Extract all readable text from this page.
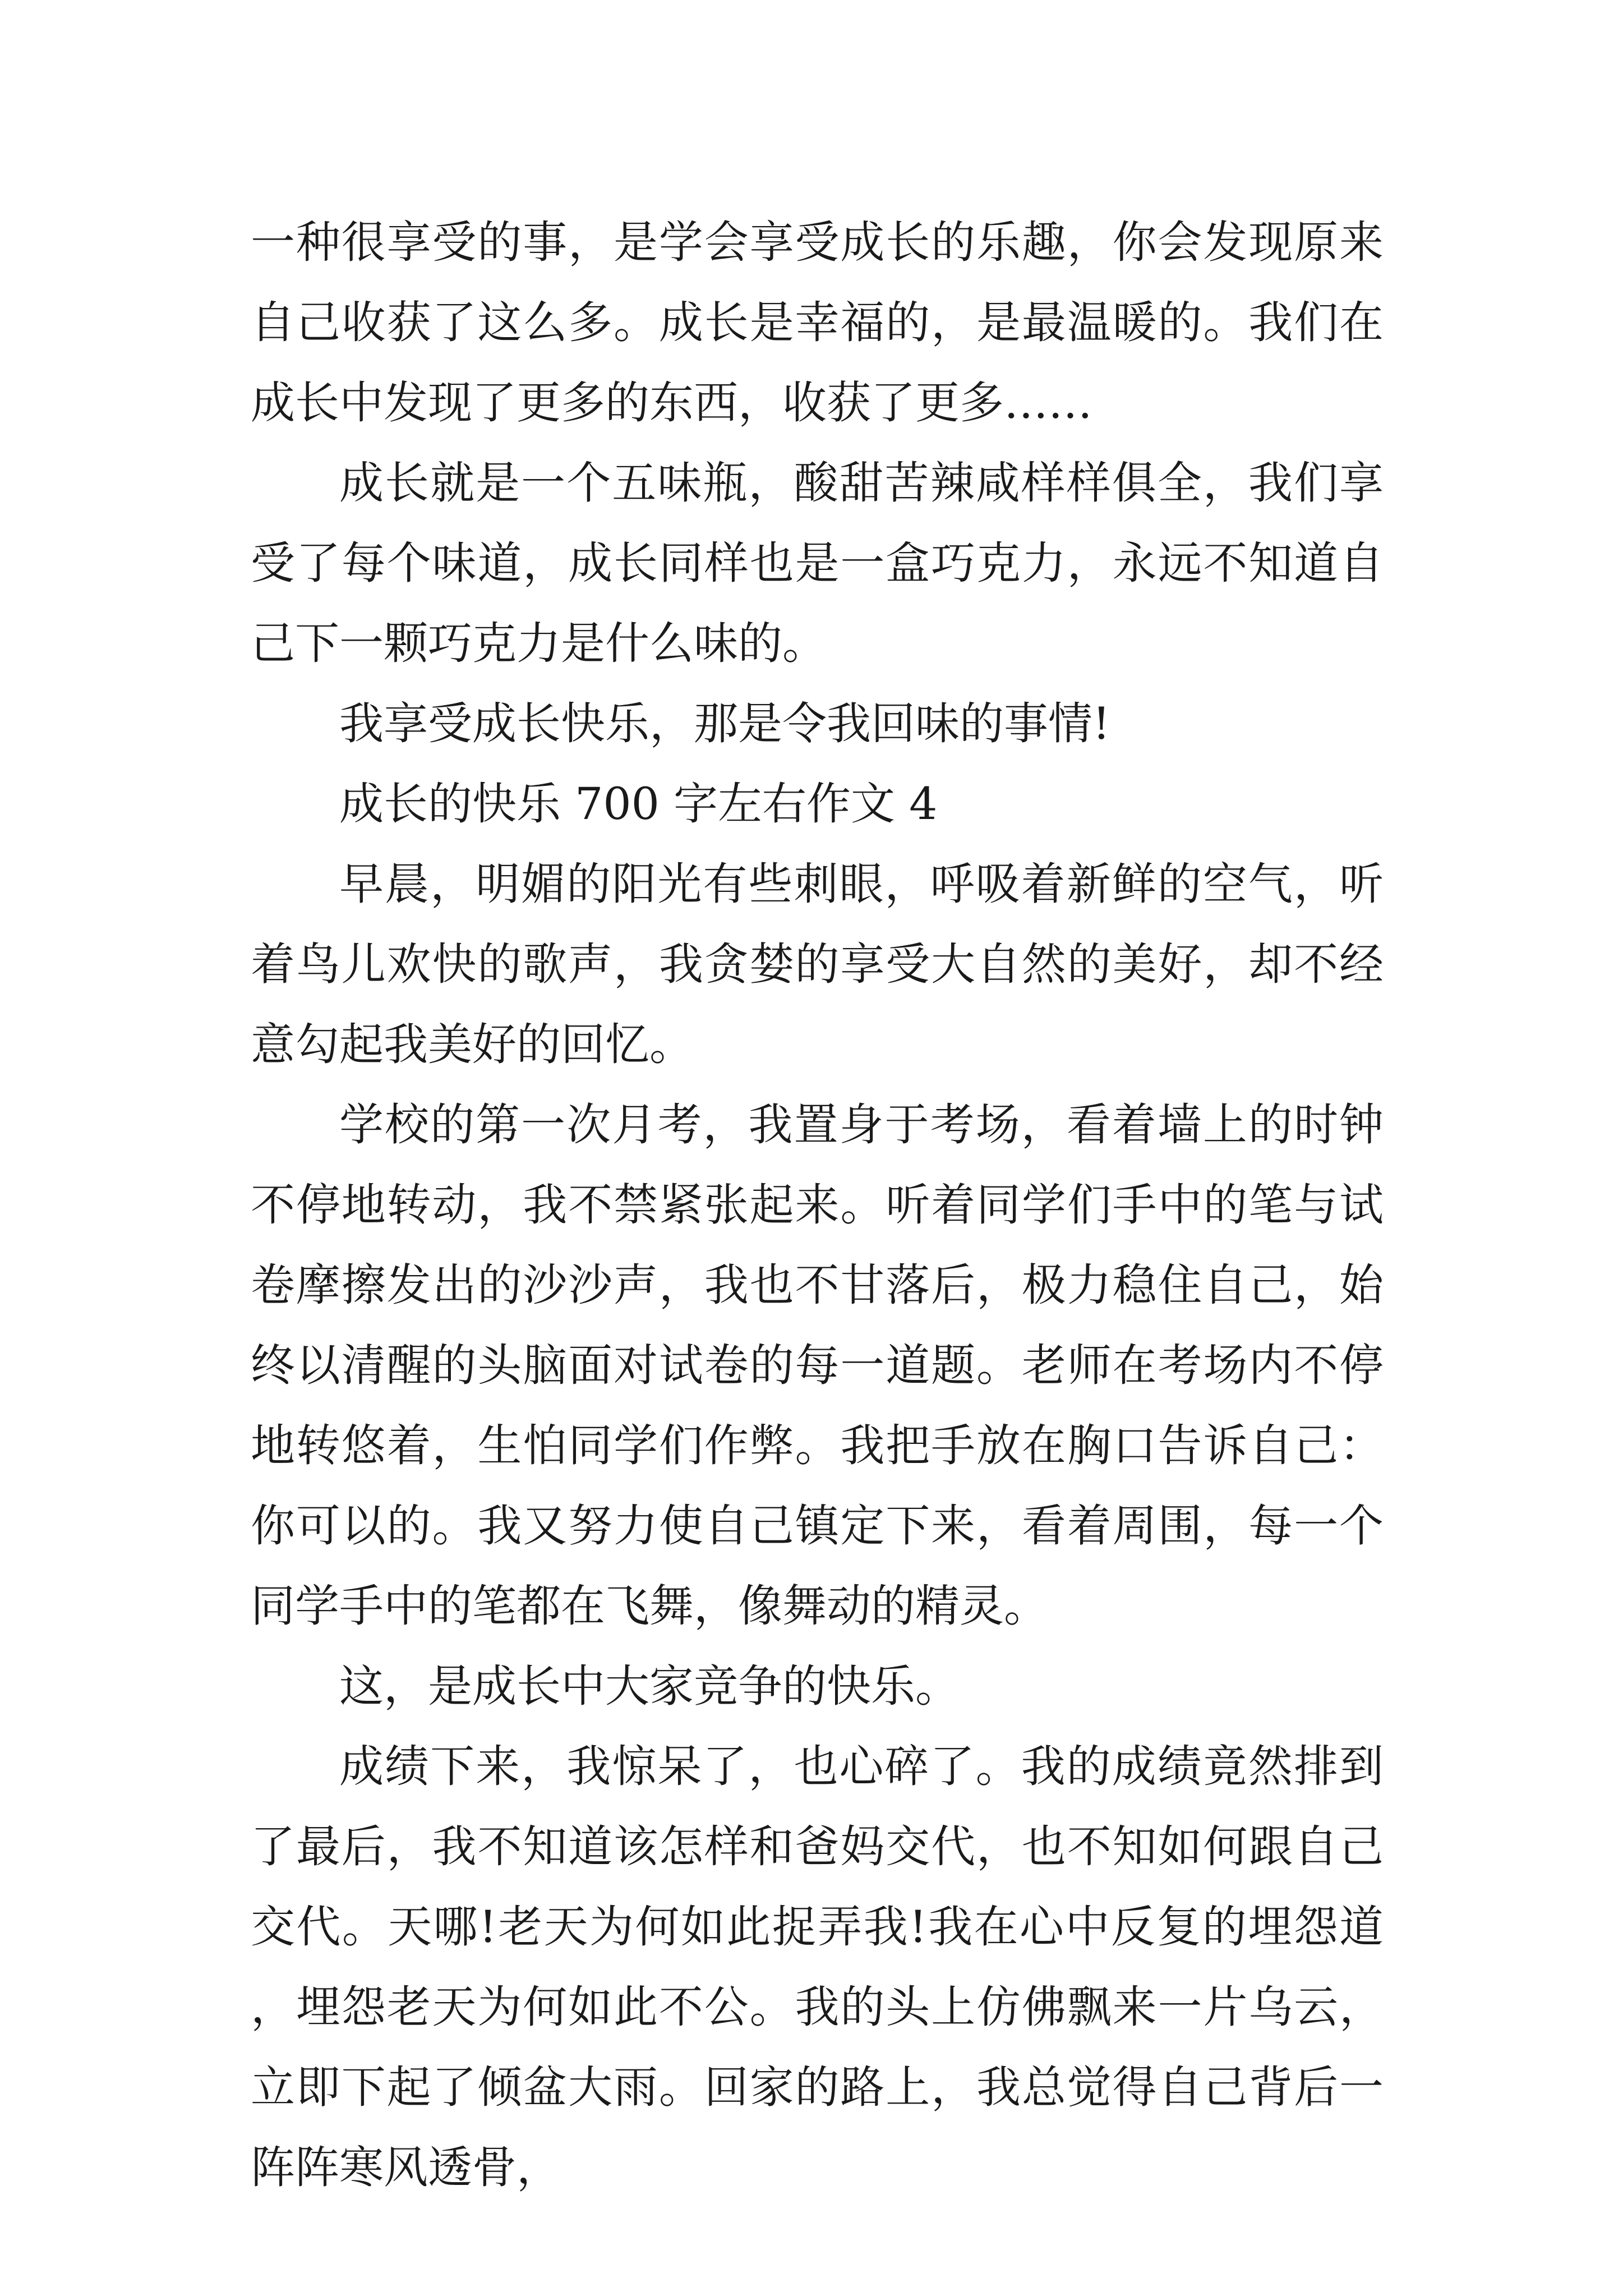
一种很享受的事，是学会享受成长的乐趣，你会发现原来自己收获了这么多。成长是幸福的，是最温暖的。我们在成长中发现了更多的东西，收获了更多……

成长就是一个五味瓶，酸甜苦辣咸样样俱全，我们享受了每个味道，成长同样也是一盒巧克力，永远不知道自己下一颗巧克力是什么味的。

我享受成长快乐，那是令我回味的事情!

成长的快乐 700 字左右作文 4

早晨，明媚的阳光有些刺眼，呼吸着新鲜的空气，听着鸟儿欢快的歌声，我贪婪的享受大自然的美好，却不经意勾起我美好的回忆。

学校的第一次月考，我置身于考场，看着墙上的时钟不停地转动，我不禁紧张起来。听着同学们手中的笔与试卷摩擦发出的沙沙声，我也不甘落后，极力稳住自己，始终以清醒的头脑面对试卷的每一道题。老师在考场内不停地转悠着，生怕同学们作弊。我把手放在胸口告诉自己：你可以的。我又努力使自己镇定下来，看着周围，每一个同学手中的笔都在飞舞，像舞动的精灵。

这，是成长中大家竞争的快乐。

成绩下来，我惊呆了，也心碎了。我的成绩竟然排到了最后，我不知道该怎样和爸妈交代，也不知如何跟自己交代。天哪!老天为何如此捉弄我!我在心中反复的埋怨道，埋怨老天为何如此不公。我的头上仿佛飘来一片乌云，立即下起了倾盆大雨。回家的路上，我总觉得自己背后一阵阵寒风透骨，
